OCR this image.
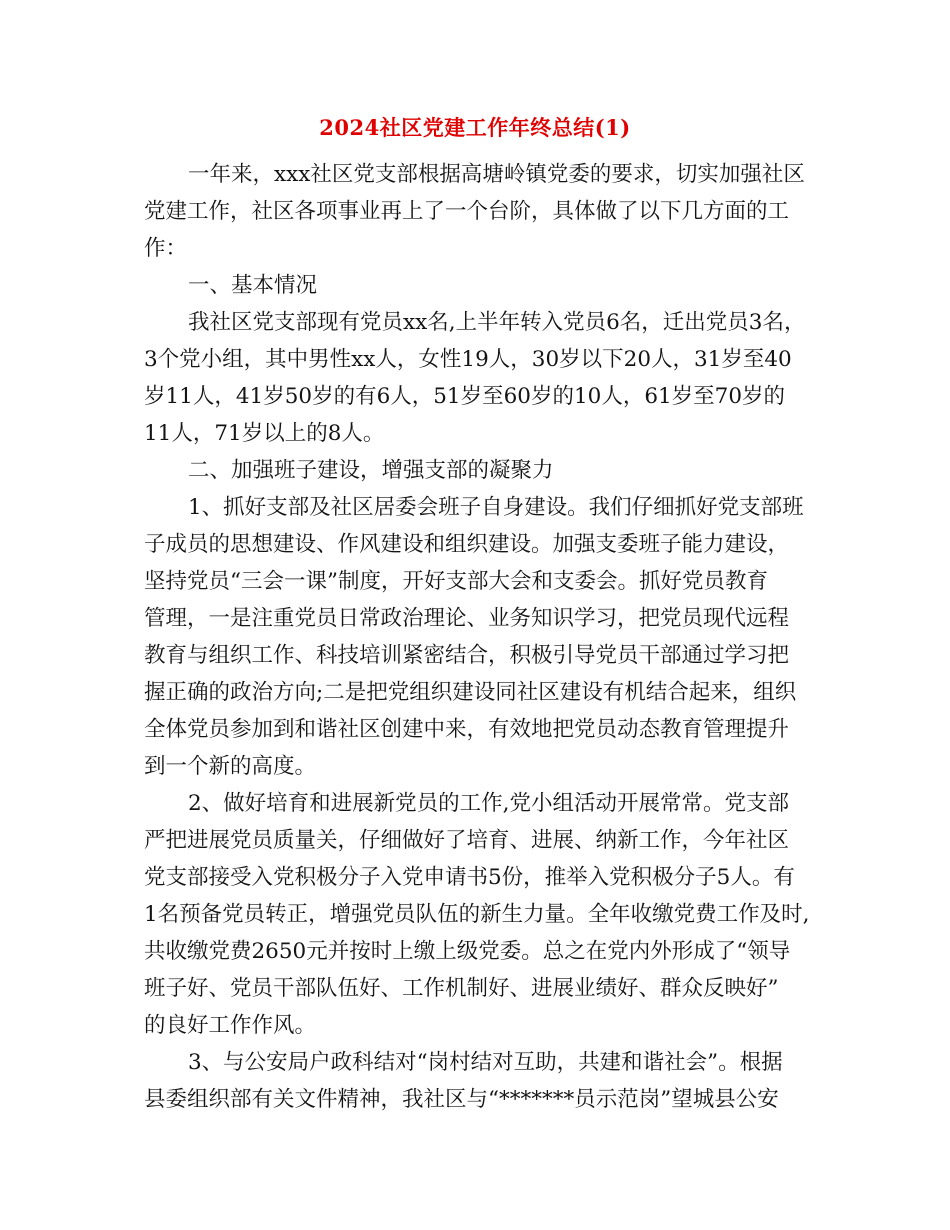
2024社区党建工作年终总结(1)
一年来，xxx社区党支部根据高塘岭镇党委的要求，切实加强社区
党建工作，社区各项事业再上了一个台阶，具体做了以下几方面的工
作：
一、基本情况
我社区党支部现有党员xx名,上半年转入党员6名，迁出党员3名，
3个党小组，其中男性xx人，女性19人，30岁以下20人，31岁至40
岁11人，41岁50岁的有6人，51岁至60岁的10人，61岁至70岁的
11人，71岁以上的8人。
二、加强班子建设，增强支部的凝聚力
1、抓好支部及社区居委会班子自身建设。我们仔细抓好党支部班
子成员的思想建设、作风建设和组织建设。加强支委班子能力建设，
坚持党员“三会一课”制度，开好支部大会和支委会。抓好党员教育
管理，一是注重党员日常政治理论、业务知识学习，把党员现代远程
教育与组织工作、科技培训紧密结合，积极引导党员干部通过学习把
握正确的政治方向;二是把党组织建设同社区建设有机结合起来，组织
全体党员参加到和谐社区创建中来，有效地把党员动态教育管理提升
到一个新的高度。
2、做好培育和进展新党员的工作,党小组活动开展常常。党支部
严把进展党员质量关，仔细做好了培育、进展、纳新工作，今年社区
党支部接受入党积极分子入党申请书5份，推举入党积极分子5人。有
1名预备党员转正，增强党员队伍的新生力量。全年收缴党费工作及时,
共收缴党费2650元并按时上缴上级党委。总之在党内外形成了“领导
班子好、党员干部队伍好、工作机制好、进展业绩好、群众反映好”
的良好工作作风。
3、与公安局户政科结对“岗村结对互助，共建和谐社会”。根据
县委组织部有关文件精神，我社区与“*******员示范岗”望城县公安
